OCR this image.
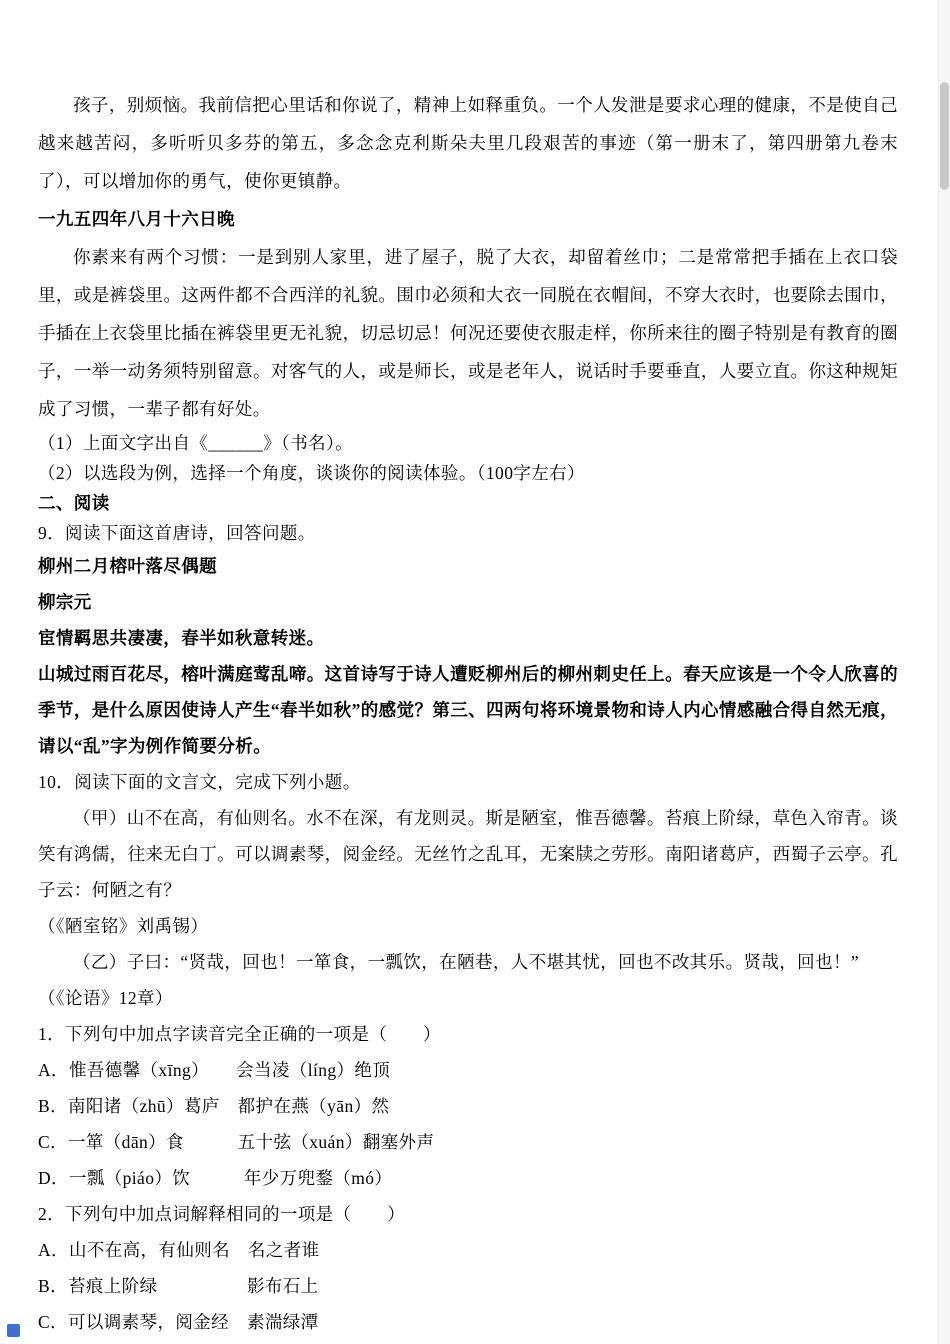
孩子，别烦恼。我前信把心里话和你说了，精神上如释重负。一个人发泄是要求心理的健康，不是使自己越来越苦闷，多听听贝多芬的第五，多念念克利斯朵夫里几段艰苦的事迹（第一册末了，第四册第九卷末了），可以增加你的勇气，使你更镇静。

一九五四年八月十六日晚

你素来有两个习惯：一是到别人家里，进了屋子，脱了大衣，却留着丝巾；二是常常把手插在上衣口袋里，或是裤袋里。这两件都不合西洋的礼貌。围巾必须和大衣一同脱在衣帽间，不穿大衣时，也要除去围巾，手插在上衣袋里比插在裤袋里更无礼貌，切忌切忌！何况还要使衣服走样，你所来往的圈子特别是有教育的圈子，一举一动务须特别留意。对客气的人，或是师长，或是老年人，说话时手要垂直，人要立直。你这种规矩成了习惯，一辈子都有好处。

（1）上面文字出自《______》（书名）。

（2）以选段为例，选择一个角度，谈谈你的阅读体验。（100字左右）

二、阅读

9．阅读下面这首唐诗，回答问题。

柳州二月榕叶落尽偶题

柳宗元

宦情羁思共凄凄，春半如秋意转迷。

山城过雨百花尽，榕叶满庭莺乱啼。这首诗写于诗人遭贬柳州后的柳州刺史任上。春天应该是一个令人欣喜的季节，是什么原因使诗人产生“春半如秋”的感觉？第三、四两句将环境景物和诗人内心情感融合得自然无痕，请以“乱”字为例作简要分析。

10．阅读下面的文言文，完成下列小题。

（甲）山不在高，有仙则名。水不在深，有龙则灵。斯是陋室，惟吾德馨。苔痕上阶绿，草色入帘青。谈笑有鸿儒，往来无白丁。可以调素琴，阅金经。无丝竹之乱耳，无案牍之劳形。南阳诸葛庐，西蜀子云亭。孔子云：何陋之有？

（《陋室铭》刘禹锡）

（乙）子曰：“贤哉，回也！一箪食，一瓢饮，在陋巷，人不堪其忧，回也不改其乐。贤哉，回也！”

（《论语》12章）

1．下列句中加点字读音完全正确的一项是（　　）

A．惟吾德馨（xīng）　　会当凌（líng）绝顶

B．南阳诸（zhū）葛庐　都护在燕（yān）然

C．一箪（dān）食　　　五十弦（xuán）翻塞外声

D．一瓢（piáo）饮　　　年少万兜鍪（mó）

2．下列句中加点词解释相同的一项是（　　）

A．山不在高，有仙则名　名之者谁

B．苔痕上阶绿　　　　　影布石上

C．可以调素琴，阅金经　素湍绿潭
